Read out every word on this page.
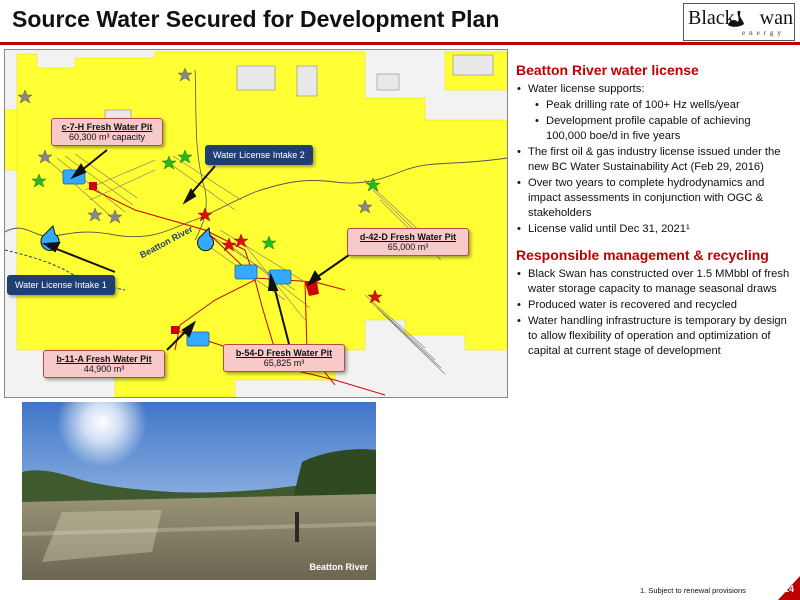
Source Water Secured for Development Plan	Black wan
energy
c-7-H Fresh Water Pit
60,300 m³ capacity
d-42-D Fresh Water Pit
65,000 m³
b-11-A Fresh Water Pit
44,900 m³
b-54-D Fresh Water Pit
65,825 m³
Water License Intake 2
Water License Intake 1
Beatton River
Beatton River
Beatton River water license
• Water license supports:
• Peak drilling rate of 100+ Hz wells/year
• Development profile capable of achieving 100,000 boe/d in five years
• The first oil & gas industry license issued under the new BC Water Sustainability Act (Feb 29, 2016)
• Over two years to complete hydrodynamics and impact assessments in conjunction with OGC & stakeholders
• License valid until Dec 31, 2021¹
Responsible management & recycling
• Black Swan has constructed over 1.5 MMbbl of fresh water storage capacity to manage seasonal draws
• Produced water is recovered and recycled
• Water handling infrastructure is temporary by design to allow flexibility of operation and optimization of capital at current stage of development
1. Subject to renewal provisions	14
